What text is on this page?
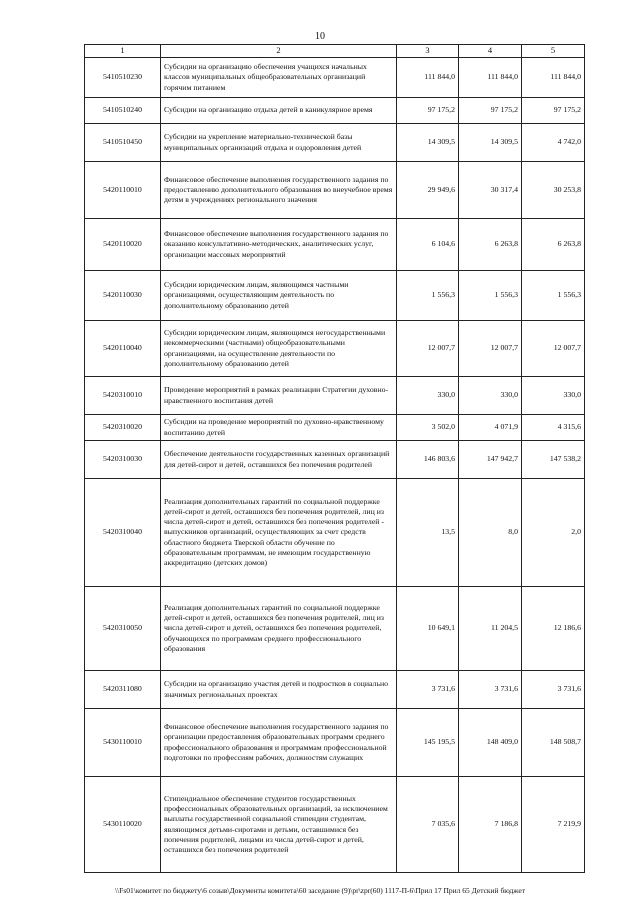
10
1	2	3	4	5
5410510230	Субсидии на организацию обеспечения учащихся начальных классов муниципальных общеобразовательных организаций горячим питанием	111 844,0	111 844,0	111 844,0
5410510240	Субсидии на организацию отдыха детей в каникулярное время	97 175,2	97 175,2	97 175,2
5410510450	Субсидии на укрепление материально-технической базы муниципальных организаций отдыха и оздоровления детей	14 309,5	14 309,5	4 742,0
5420110010	Финансовое обеспечение выполнения государственного задания по предоставлению дополнительного образования во внеучебное время детям в учреждениях регионального значения	29 949,6	30 317,4	30 253,8
5420110020	Финансовое обеспечение выполнения государственного задания по оказанию консультативно-методических, аналитических услуг, организации массовых мероприятий	6 104,6	6 263,8	6 263,8
5420110030	Субсидии юридическим лицам, являющимся частными организациями, осуществляющим деятельность по дополнительному образованию детей	1 556,3	1 556,3	1 556,3
5420110040	Субсидии юридическим лицам, являющимся негосударственными некоммерческими (частными) общеобразовательными организациями, на осуществление деятельности по дополнительному образованию детей	12 007,7	12 007,7	12 007,7
5420310010	Проведение мероприятий в рамках реализации Стратегии духовно-нравственного воспитания детей	330,0	330,0	330,0
5420310020	Субсидии на проведение мероприятий по духовно-нравственному воспитанию детей	3 502,0	4 071,9	4 315,6
5420310030	Обеспечение деятельности государственных казенных организаций для детей-сирот и детей, оставшихся без попечения родителей	146 803,6	147 942,7	147 538,2
5420310040	Реализация дополнительных гарантий по социальной поддержке детей-сирот и детей, оставшихся без попечения родителей, лиц из числа детей-сирот и детей, оставшихся без попечения родителей - выпускников организаций, осуществляющих за счет средств областного бюджета Тверской области обучение по образовательным программам, не имеющим государственную аккредитацию (детских домов)	13,5	8,0	2,0
5420310050	Реализация дополнительных гарантий по социальной поддержке детей-сирот и детей, оставшихся без попечения родителей, лиц из числа детей-сирот и детей, оставшихся без попечения родителей, обучающихся по программам среднего профессионального образования	10 649,1	11 204,5	12 186,6
5420311080	Субсидии на организацию участия детей и подростков в социально значимых региональных проектах	3 731,6	3 731,6	3 731,6
5430110010	Финансовое обеспечение выполнения государственного задания по организации предоставления образовательных программ среднего профессионального образования и программам профессиональной подготовки по профессиям рабочих, должностям служащих	145 195,5	148 409,0	148 508,7
5430110020	Стипендиальное обеспечение студентов государственных профессиональных образовательных организаций, за исключением выплаты государственной социальной стипендии студентам, являющимся детьми-сиротами и детьми, оставшимися без попечения родителей, лицами из числа детей-сирот и детей, оставшихся без попечения родителей	7 035,6	7 186,8	7 219,9
\\Fs01\комитет по бюджету\6 созыв\Документы комитета\60 заседание (9)\pr\zpr(60) 1117-П-6\Прил 17 Прил 65 Детский бюджет
